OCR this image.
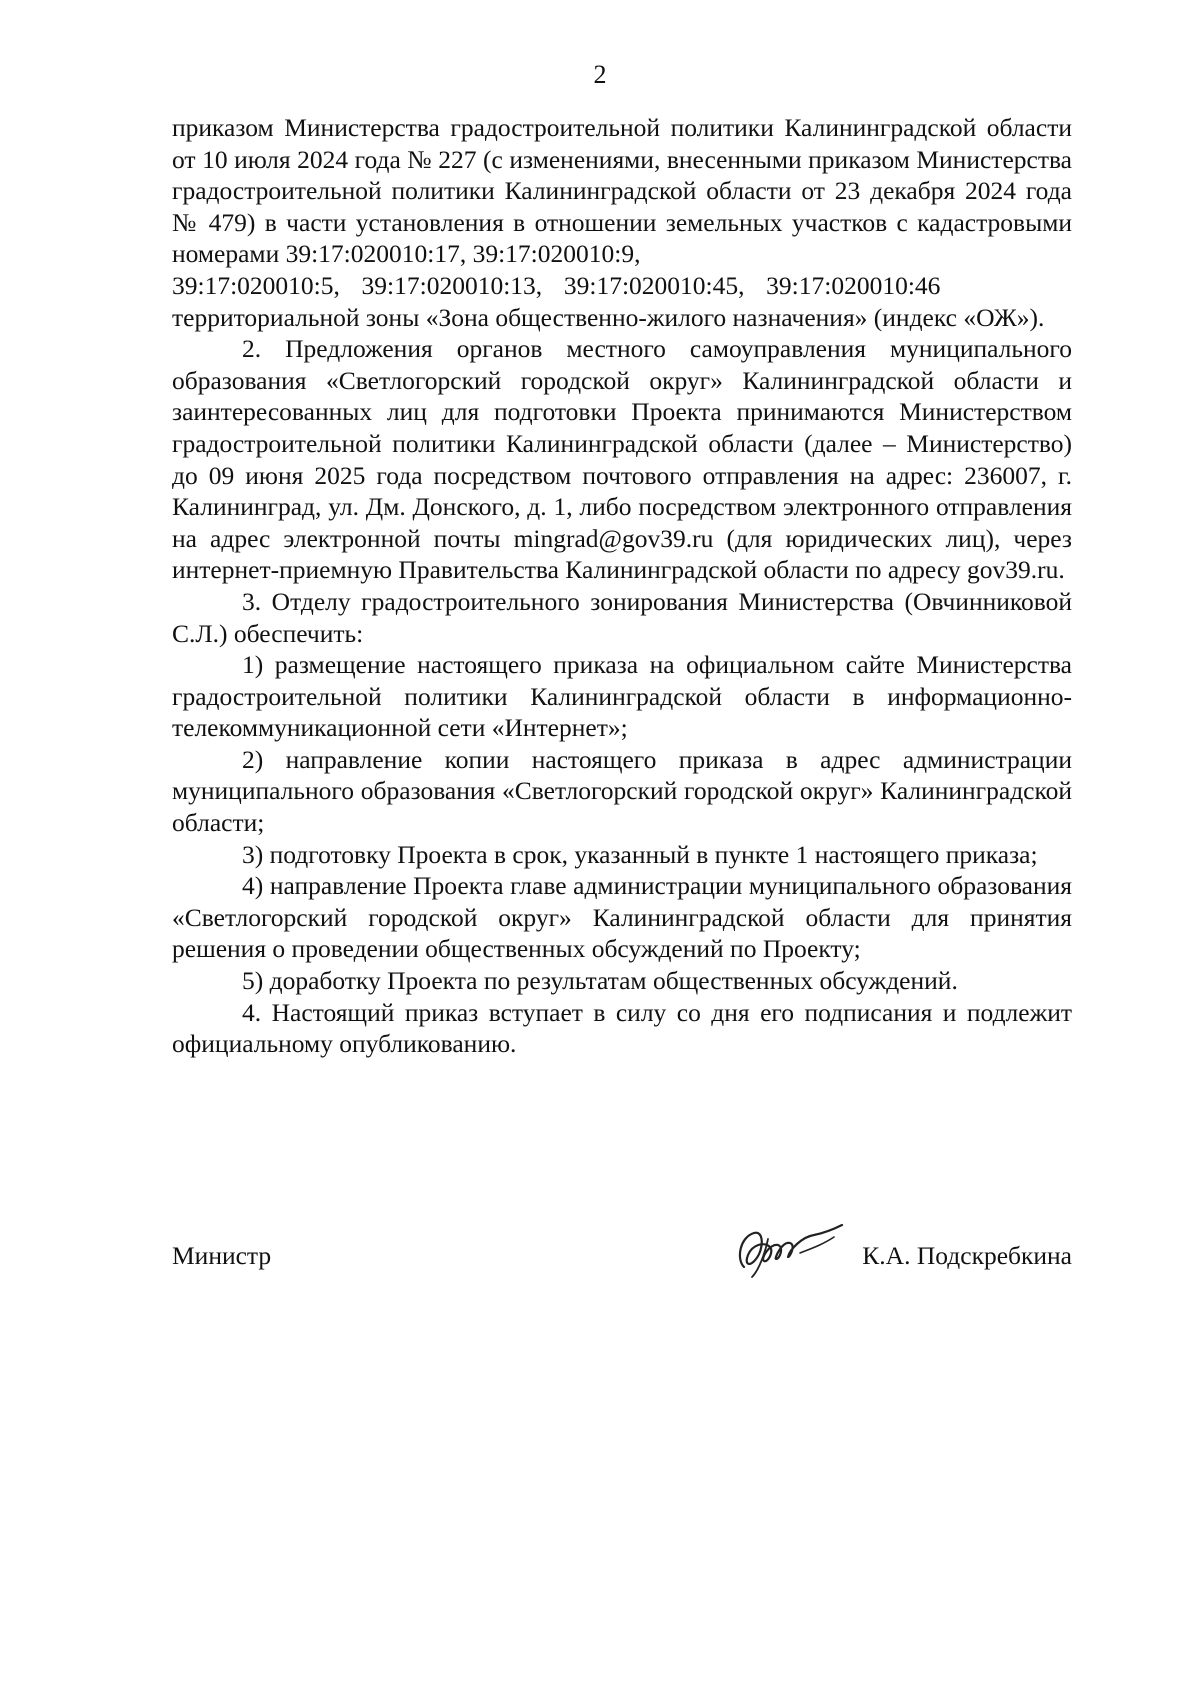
2

приказом Министерства градостроительной политики Калининградской области от 10 июля 2024 года № 227 (с изменениями, внесенными приказом Министерства градостроительной политики Калининградской области от 23 декабря 2024 года № 479) в части установления в отношении земельных участков с кадастровыми номерами 39:17:020010:17, 39:17:020010:9,

39:17:020010:5, 39:17:020010:13, 39:17:020010:45, 39:17:020010:46

территориальной зоны «Зона общественно-жилого назначения» (индекс «ОЖ»).

2. Предложения органов местного самоуправления муниципального образования «Светлогорский городской округ» Калининградской области и заинтересованных лиц для подготовки Проекта принимаются Министерством градостроительной политики Калининградской области (далее – Министерство) до 09 июня 2025 года посредством почтового отправления на адрес: 236007, г. Калининград, ул. Дм. Донского, д. 1, либо посредством электронного отправления на адрес электронной почты mingrad@gov39.ru (для юридических лиц), через интернет-приемную Правительства Калининградской области по адресу gov39.ru.

3. Отделу градостроительного зонирования Министерства (Овчинниковой С.Л.) обеспечить:

1) размещение настоящего приказа на официальном сайте Министерства градостроительной политики Калининградской области в информационно-телекоммуникационной сети «Интернет»;

2) направление копии настоящего приказа в адрес администрации муниципального образования «Светлогорский городской округ» Калининградской области;

3) подготовку Проекта в срок, указанный в пункте 1 настоящего приказа;

4) направление Проекта главе администрации муниципального образования «Светлогорский городской округ» Калининградской области для принятия решения о проведении общественных обсуждений по Проекту;

5) доработку Проекта по результатам общественных обсуждений.

4. Настоящий приказ вступает в силу со дня его подписания и подлежит официальному опубликованию.

Министр	К.А. Подскребкина
